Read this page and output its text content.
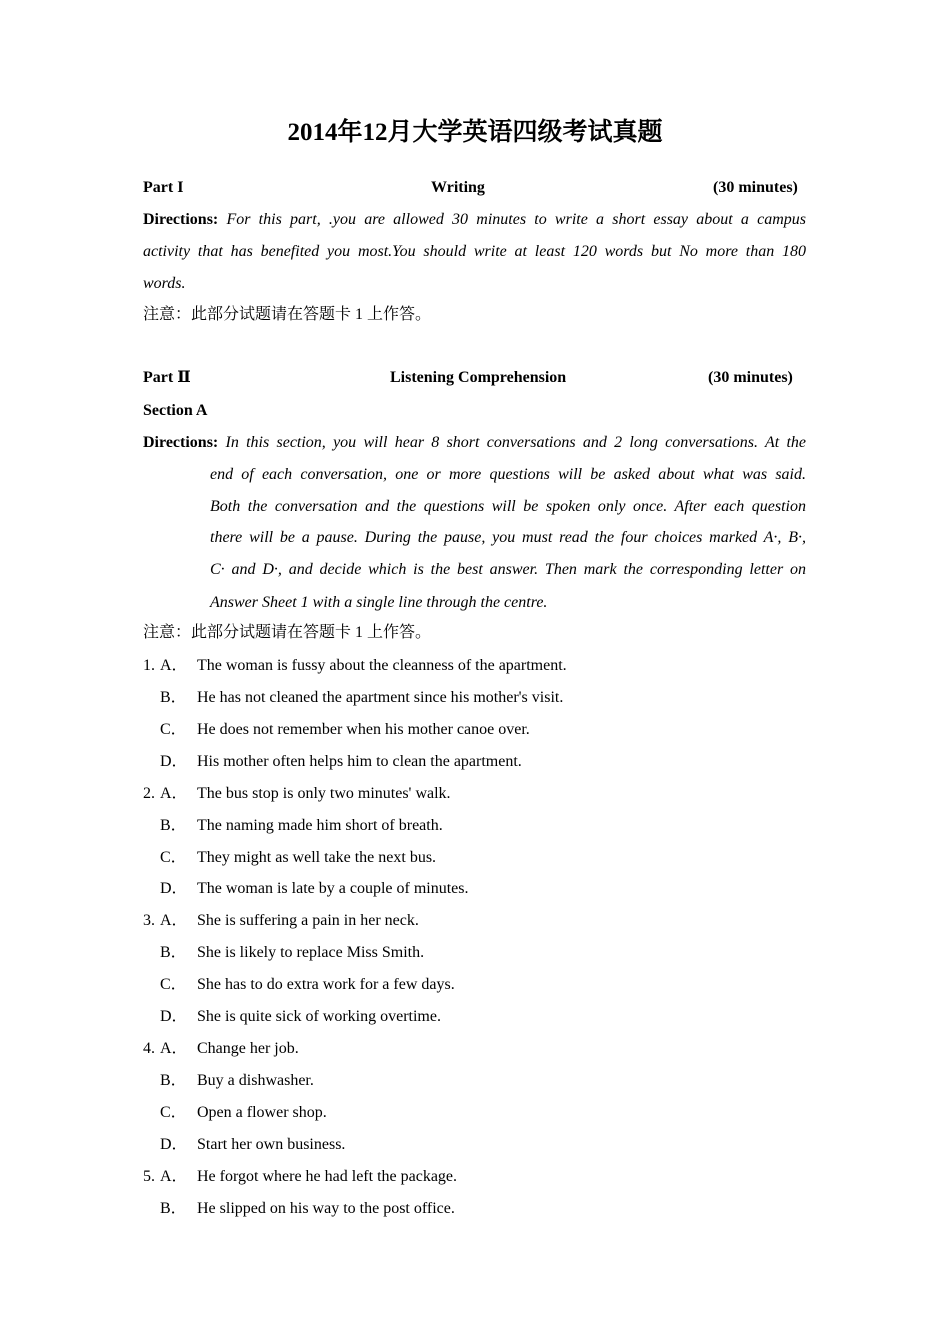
2014年12月大学英语四级考试真题
Part I	Writing	(30 minutes)
Directions: For this part, .you are allowed 30 minutes to write a short essay about a campus
activity that has benefited you most.You should write at least 120 words but No more than 180
words.
注意：此部分试题请在答题卡 1 上作答。
Part Ⅱ	Listening Comprehension	(30 minutes)
Section A
Directions: In this section, you will hear 8 short conversations and 2 long conversations. At the
end of each conversation, one or more questions will be asked about what was said.
Both the conversation and the questions will be spoken only once. After each question
there will be a pause. During the pause, you must read the four choices marked A·, B·,
C· and D·, and decide which is the best answer. Then mark the corresponding letter on
Answer Sheet 1 with a single line through the centre.
注意：此部分试题请在答题卡 1 上作答。
1. A． The woman is fussy about the cleanness of the apartment.
B． He has not cleaned the apartment since his mother's visit.
C． He does not remember when his mother canoe over.
D． His mother often helps him to clean the apartment.
2. A． The bus stop is only two minutes' walk.
B． The naming made him short of breath.
C． They might as well take the next bus.
D． The woman is late by a couple of minutes.
3. A． She is suffering a pain in her neck.
B． She is likely to replace Miss Smith.
C． She has to do extra work for a few days.
D． She is quite sick of working overtime.
4. A． Change her job.
B． Buy a dishwasher.
C． Open a flower shop.
D． Start her own business.
5. A． He forgot where he had left the package.
B． He slipped on his way to the post office.
